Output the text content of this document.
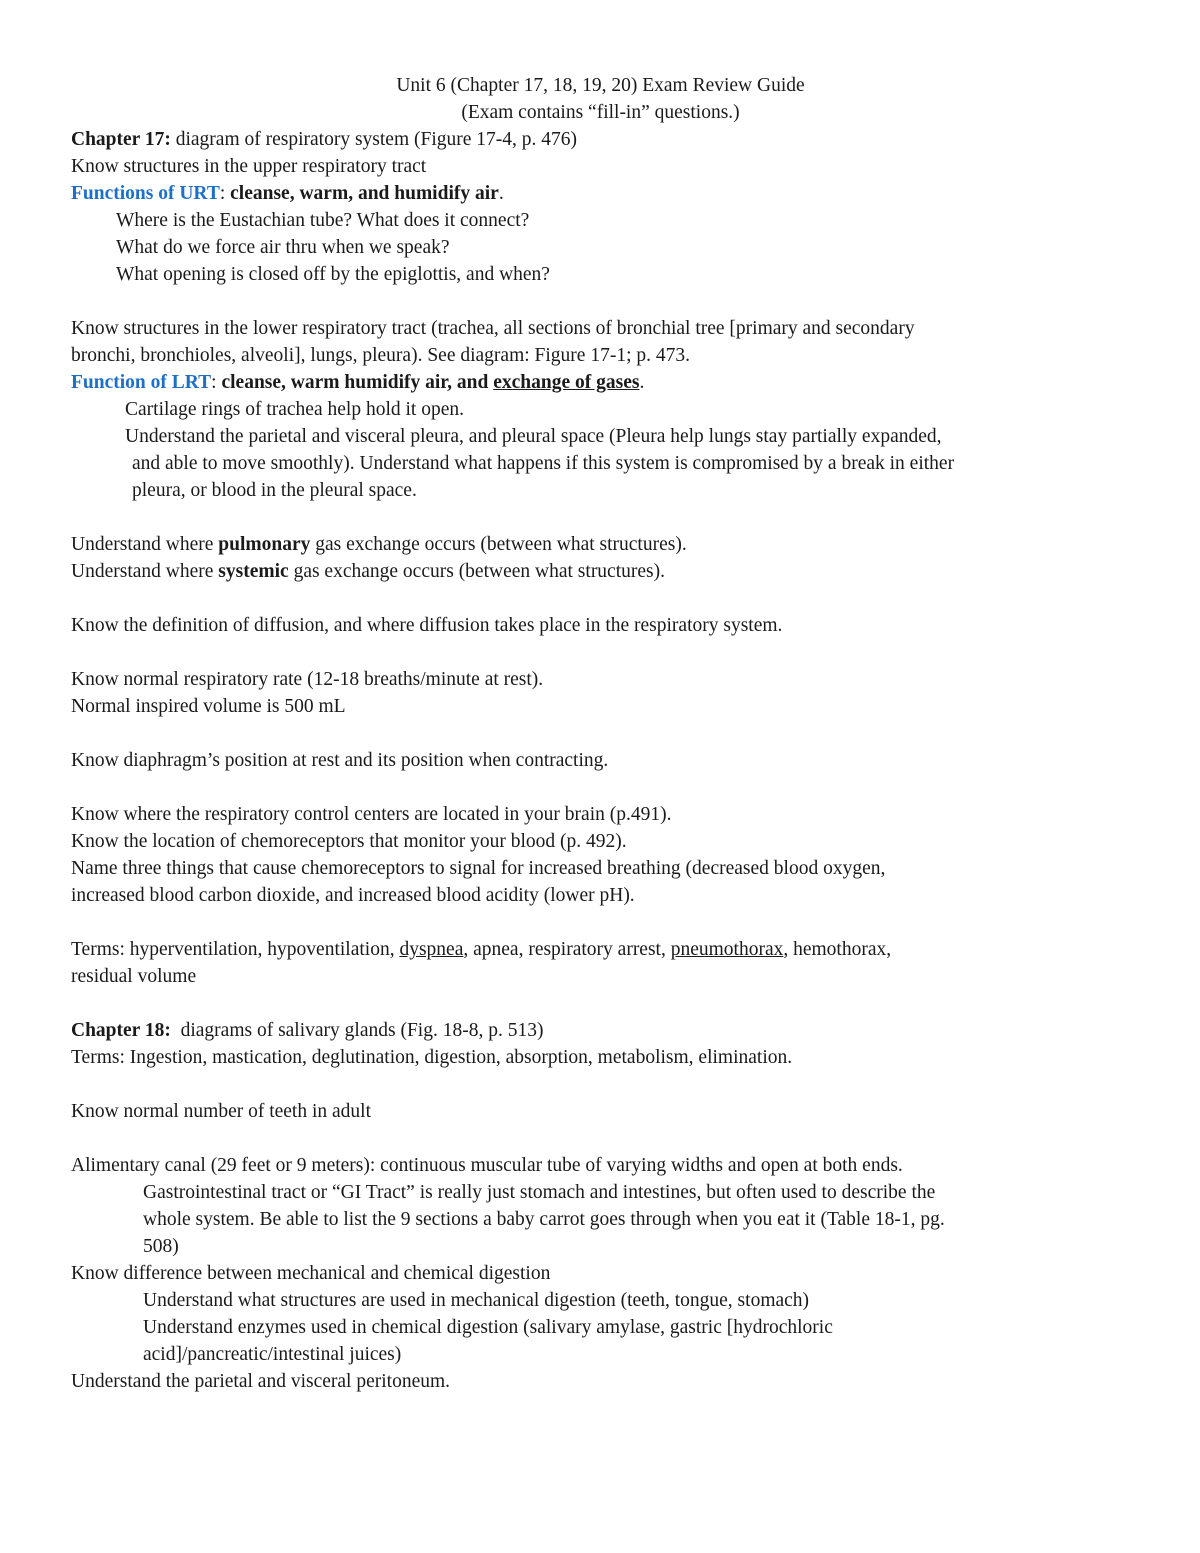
Unit 6 (Chapter 17, 18, 19, 20) Exam Review Guide
(Exam contains “fill-in” questions.)
Chapter 17: diagram of respiratory system (Figure 17-4, p. 476)
Know structures in the upper respiratory tract
Functions of URT: cleanse, warm, and humidify air.
Where is the Eustachian tube? What does it connect?
What do we force air thru when we speak?
What opening is closed off by the epiglottis, and when?
Know structures in the lower respiratory tract (trachea, all sections of bronchial tree [primary and secondary
bronchi, bronchioles, alveoli], lungs, pleura). See diagram: Figure 17-1; p. 473.
Function of LRT: cleanse, warm humidify air, and exchange of gases.
Cartilage rings of trachea help hold it open.
Understand the parietal and visceral pleura, and pleural space (Pleura help lungs stay partially expanded,
and able to move smoothly). Understand what happens if this system is compromised by a break in either
pleura, or blood in the pleural space.
Understand where pulmonary gas exchange occurs (between what structures).
Understand where systemic gas exchange occurs (between what structures).
Know the definition of diffusion, and where diffusion takes place in the respiratory system.
Know normal respiratory rate (12-18 breaths/minute at rest).
Normal inspired volume is 500 mL
Know diaphragm’s position at rest and its position when contracting.
Know where the respiratory control centers are located in your brain (p.491).
Know the location of chemoreceptors that monitor your blood (p. 492).
Name three things that cause chemoreceptors to signal for increased breathing (decreased blood oxygen,
increased blood carbon dioxide, and increased blood acidity (lower pH).
Terms: hyperventilation, hypoventilation, dyspnea, apnea, respiratory arrest, pneumothorax, hemothorax,
residual volume
Chapter 18:  diagrams of salivary glands (Fig. 18-8, p. 513)
Terms: Ingestion, mastication, deglutination, digestion, absorption, metabolism, elimination.
Know normal number of teeth in adult
Alimentary canal (29 feet or 9 meters): continuous muscular tube of varying widths and open at both ends.
Gastrointestinal tract or “GI Tract” is really just stomach and intestines, but often used to describe the
whole system. Be able to list the 9 sections a baby carrot goes through when you eat it (Table 18-1, pg.
508)
Know difference between mechanical and chemical digestion
Understand what structures are used in mechanical digestion (teeth, tongue, stomach)
Understand enzymes used in chemical digestion (salivary amylase, gastric [hydrochloric
acid]/pancreatic/intestinal juices)
Understand the parietal and visceral peritoneum.
